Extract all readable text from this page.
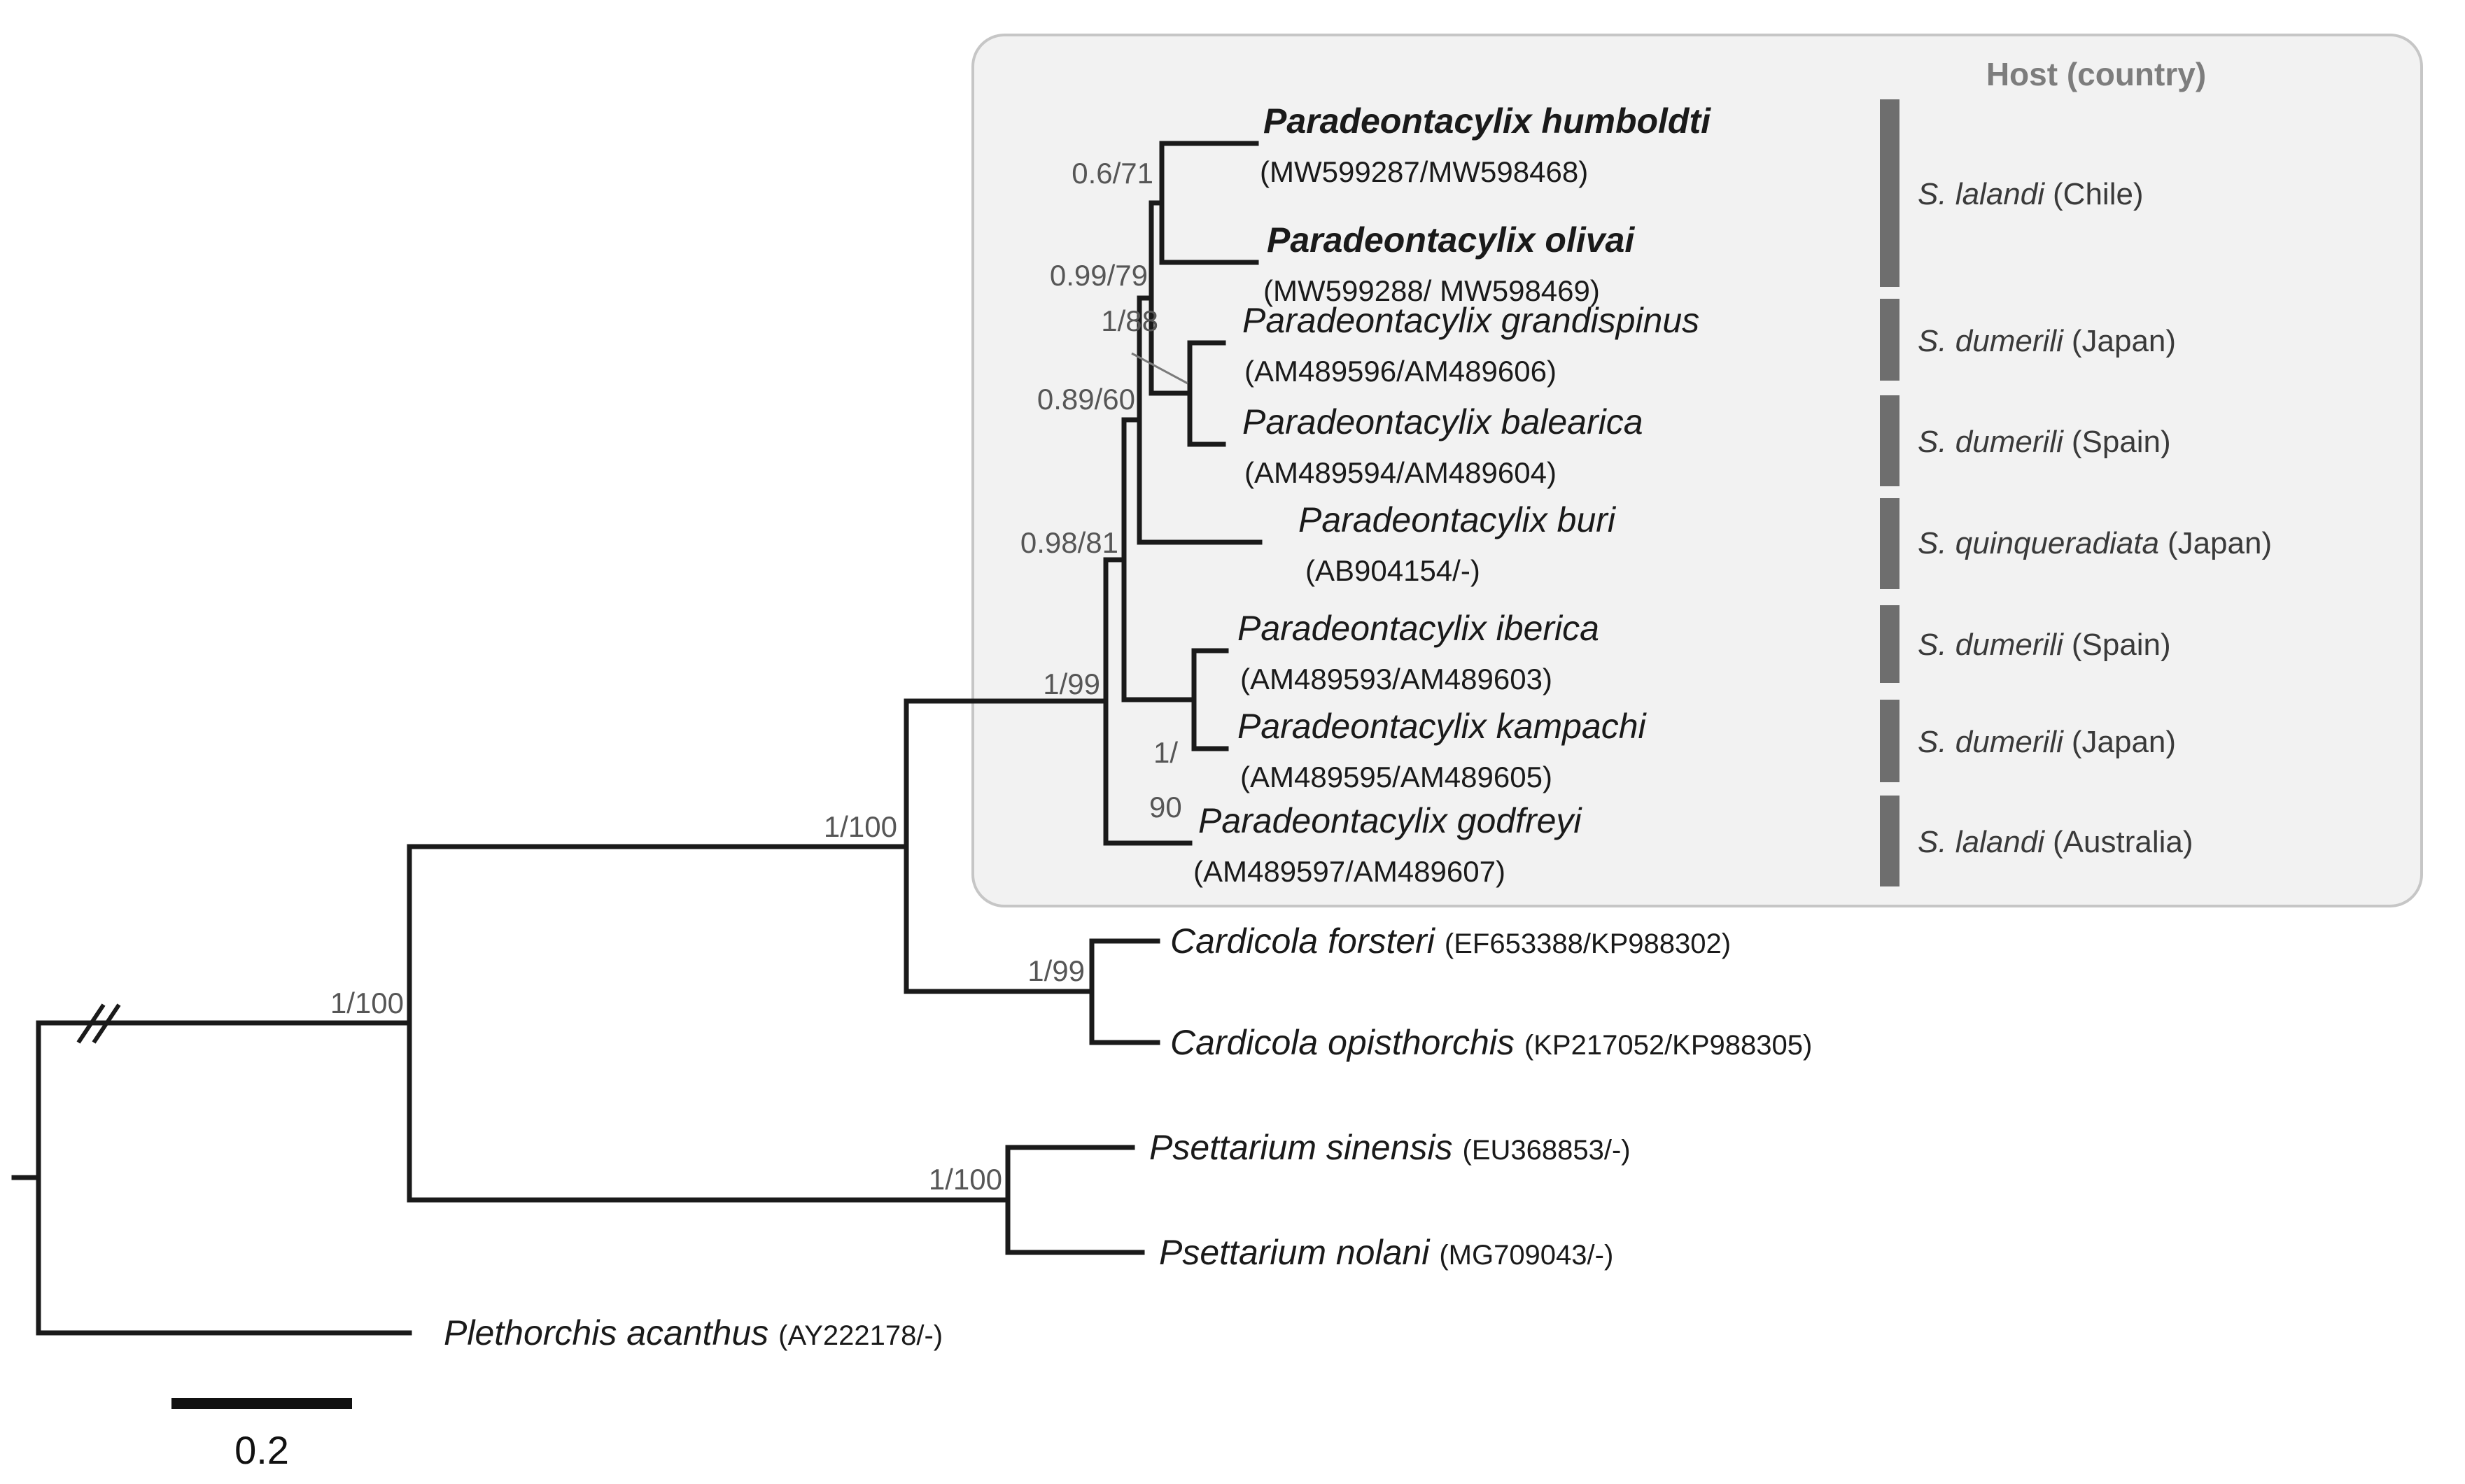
Host (country)
S. lalandi (Chile)
S. dumerili (Japan)
S. dumerili (Spain)
S. quinqueradiata (Japan)
S. dumerili (Spain)
S. dumerili (Japan)
S. lalandi (Australia)
1/100
1/100
1/99
0.6/71
0.99/79
1/88
0.89/60
0.98/81
1/
90
1/99
1/100
Paradeontacylix humboldti
(MW599287/MW598468)
Paradeontacylix olivai
(MW599288/ MW598469)
Paradeontacylix grandispinus
(AM489596/AM489606)
Paradeontacylix balearica
(AM489594/AM489604)
Paradeontacylix buri
(AB904154/-)
Paradeontacylix iberica
(AM489593/AM489603)
Paradeontacylix kampachi
(AM489595/AM489605)
Paradeontacylix godfreyi
(AM489597/AM489607)
Cardicola forsteri (EF653388/KP988302)
Cardicola opisthorchis (KP217052/KP988305)
Psettarium sinensis (EU368853/-)
Psettarium nolani (MG709043/-)
Plethorchis acanthus (AY222178/-)
0.2
